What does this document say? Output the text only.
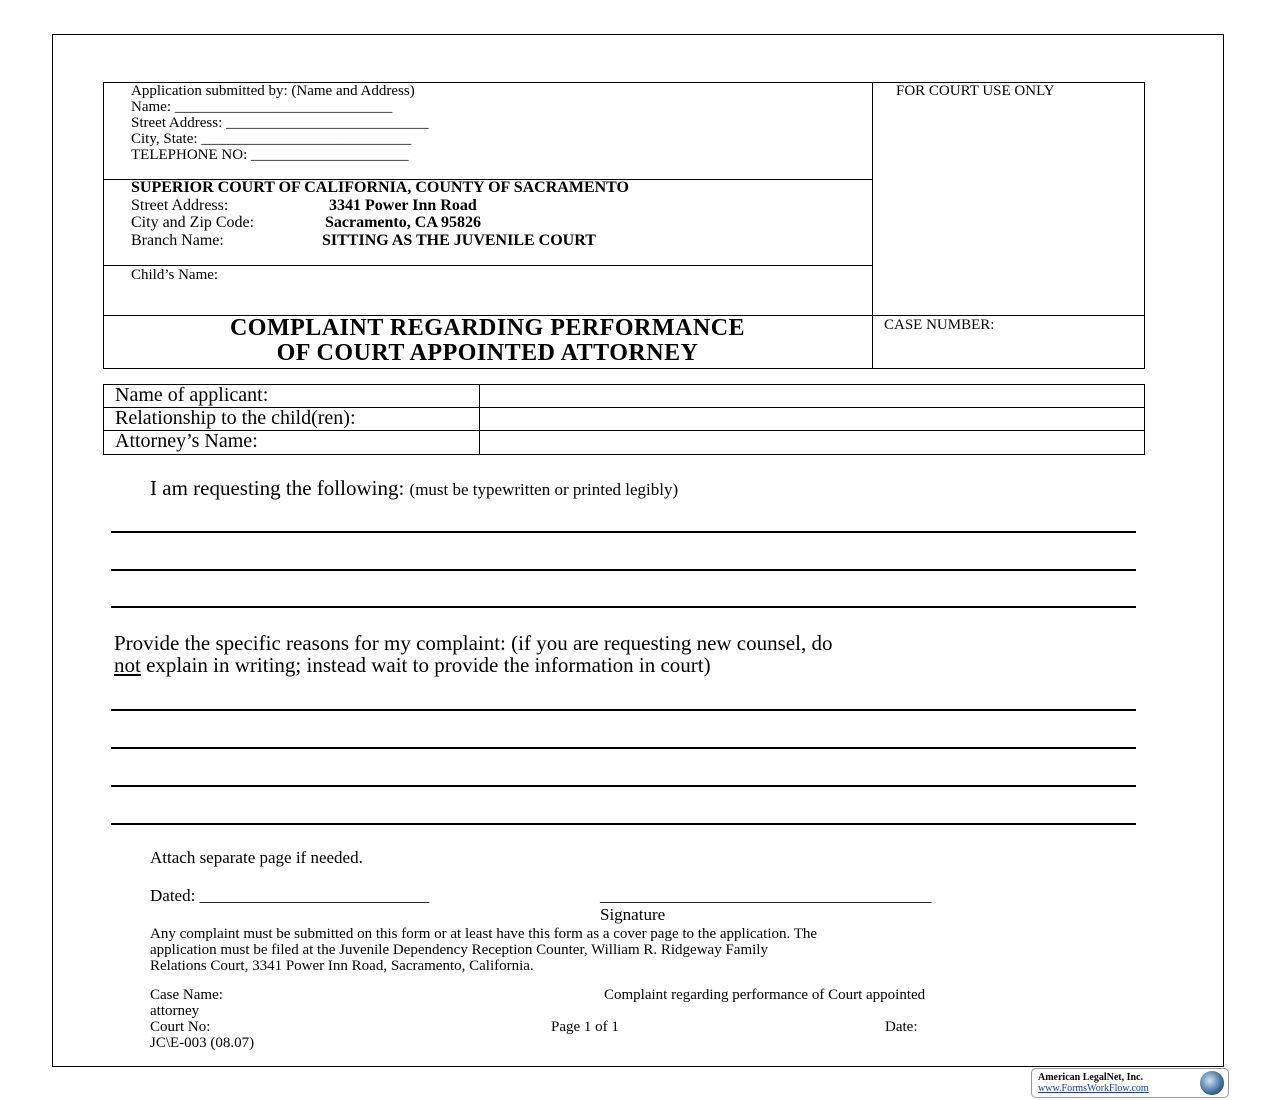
Application submitted by: (Name and Address)
Name: _____________________________
Street Address: ___________________________
City, State: ____________________________
TELEPHONE NO: _____________________
FOR COURT USE ONLY
SUPERIOR COURT OF CALIFORNIA, COUNTY OF SACRAMENTO
Street Address:	3341 Power Inn Road
City and Zip Code:	Sacramento, CA 95826
Branch Name:	SITTING AS THE JUVENILE COURT
Child’s Name:
COMPLAINT REGARDING PERFORMANCE
OF COURT APPOINTED ATTORNEY
CASE NUMBER:
Name of applicant:
Relationship to the child(ren):
Attorney’s Name:
I am requesting the following: (must be typewritten or printed legibly)
Provide the specific reasons for my complaint: (if you are requesting new counsel, do
not explain in writing; instead wait to provide the information in court)
Attach separate page if needed.
Dated: ___________________________	_______________________________________
Signature
Any complaint must be submitted on this form or at least have this form as a cover page to the application. The
application must be filed at the Juvenile Dependency Reception Counter, William R. Ridgeway Family
Relations Court, 3341 Power Inn Road, Sacramento, California.
Case Name:	Complaint regarding performance of Court appointed
attorney
Court No:	Page 1 of 1	Date:
JC\E-003 (08.07)
American LegalNet, Inc.
www.FormsWorkFlow.com
